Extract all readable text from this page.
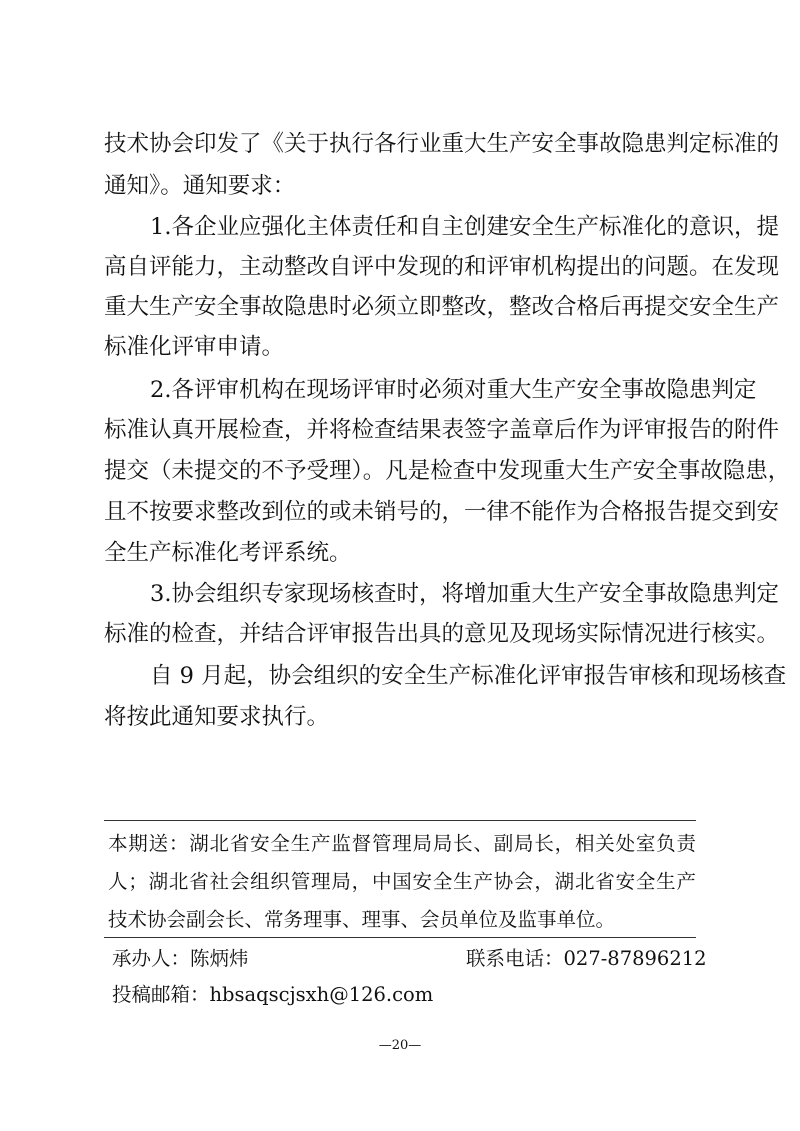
技术协会印发了《关于执行各行业重大生产安全事故隐患判定标准的
通知》。通知要求：
1.各企业应强化主体责任和自主创建安全生产标准化的意识，提
高自评能力，主动整改自评中发现的和评审机构提出的问题。在发现
重大生产安全事故隐患时必须立即整改，整改合格后再提交安全生产
标准化评审申请。
2.各评审机构在现场评审时必须对重大生产安全事故隐患判定
标准认真开展检查，并将检查结果表签字盖章后作为评审报告的附件
提交（未提交的不予受理）。凡是检查中发现重大生产安全事故隐患，
且不按要求整改到位的或未销号的，一律不能作为合格报告提交到安
全生产标准化考评系统。
3.协会组织专家现场核查时，将增加重大生产安全事故隐患判定
标准的检查，并结合评审报告出具的意见及现场实际情况进行核实。
自 9 月起，协会组织的安全生产标准化评审报告审核和现场核查
将按此通知要求执行。
本期送：湖北省安全生产监督管理局局长、副局长，相关处室负责
人；湖北省社会组织管理局，中国安全生产协会，湖北省安全生产
技术协会副会长、常务理事、理事、会员单位及监事单位。
承办人：陈炳炜	联系电话：027-87896212
投稿邮箱：hbsaqscjsxh@126.com
—20—
